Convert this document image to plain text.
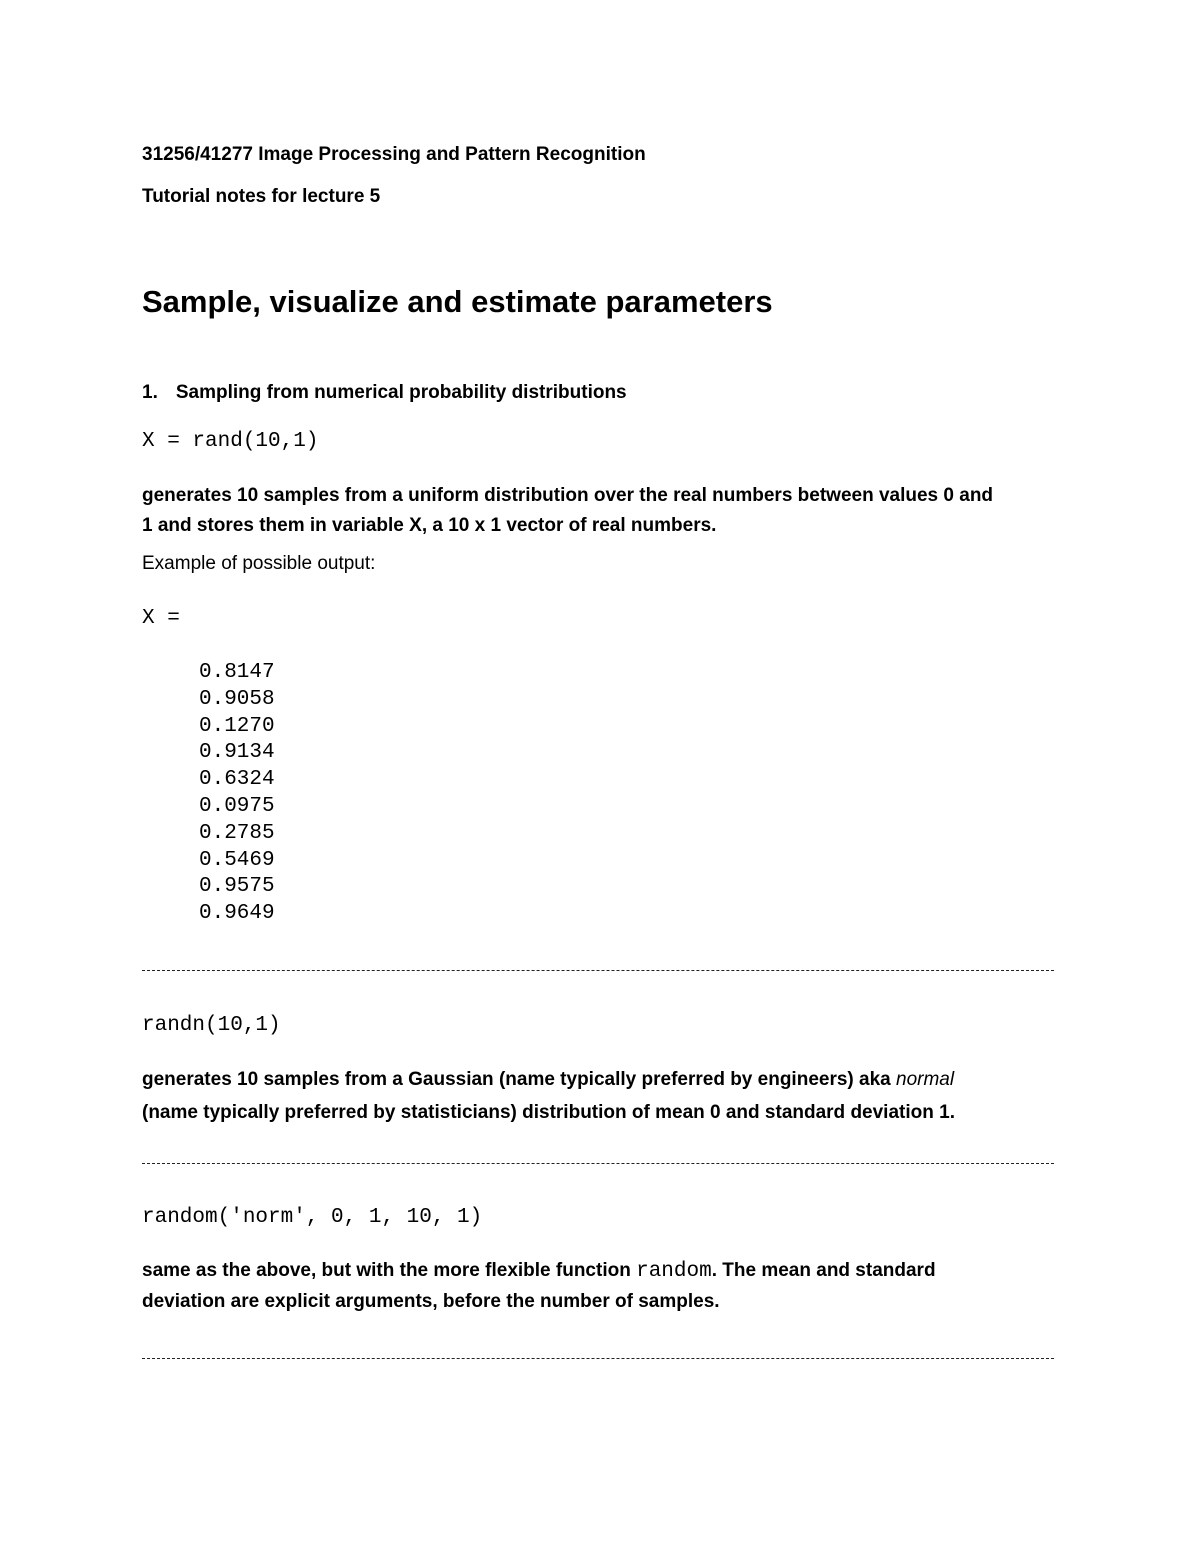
31256/41277 Image Processing and Pattern Recognition

Tutorial notes for lecture 5

Sample, visualize and estimate parameters

1. Sampling from numerical probability distributions

X = rand(10,1)

generates 10 samples from a uniform distribution over the real numbers between values 0 and

1 and stores them in variable X, a 10 x 1 vector of real numbers.

Example of possible output:

X =

0.8147
0.9058
0.1270
0.9134
0.6324
0.0975
0.2785
0.5469
0.9575
0.9649

randn(10,1)

generates 10 samples from a Gaussian (name typically preferred by engineers) aka normal

(name typically preferred by statisticians) distribution of mean 0 and standard deviation 1.

random('norm', 0, 1, 10, 1)

same as the above, but with the more flexible function random. The mean and standard

deviation are explicit arguments, before the number of samples.
